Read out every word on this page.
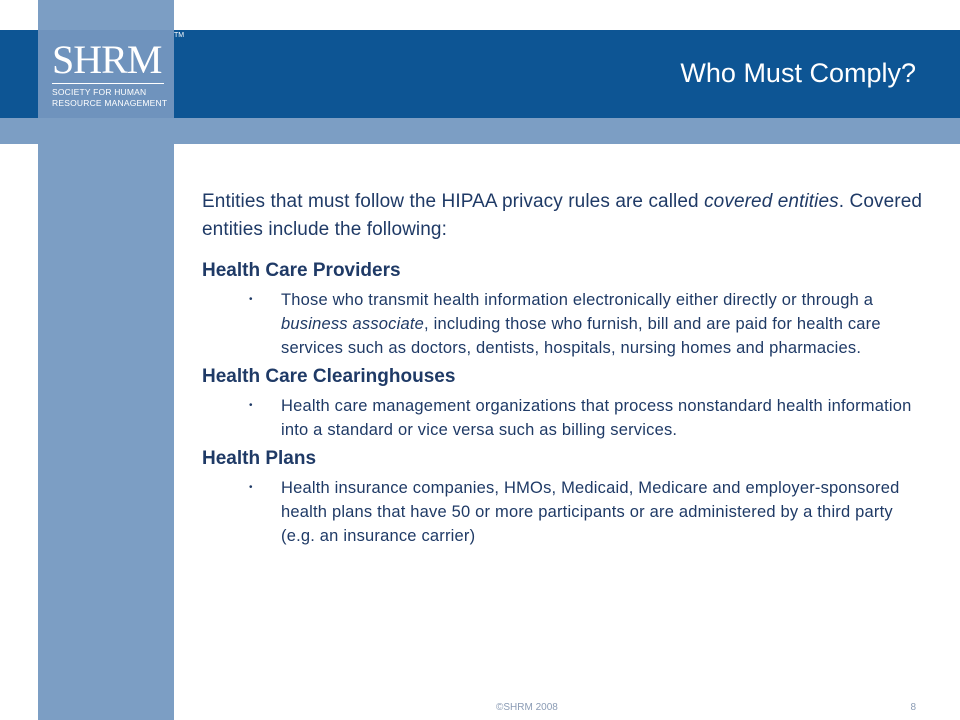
SHRM
SOCIETY FOR HUMAN
RESOURCE MANAGEMENT
TM
Who Must Comply?

Entities that must follow the HIPAA privacy rules are called covered entities. Covered entities include the following:

Health Care Providers

• Those who transmit health information electronically either directly or through a business associate, including those who furnish, bill and are paid for health care services such as doctors, dentists, hospitals, nursing homes and pharmacies.

Health Care Clearinghouses

• Health care management organizations that process nonstandard health information into a standard or vice versa such as billing services.

Health Plans

• Health insurance companies, HMOs, Medicaid, Medicare and employer-sponsored health plans that have 50 or more participants or are administered by a third party (e.g. an insurance carrier)
©SHRM 2008	8
